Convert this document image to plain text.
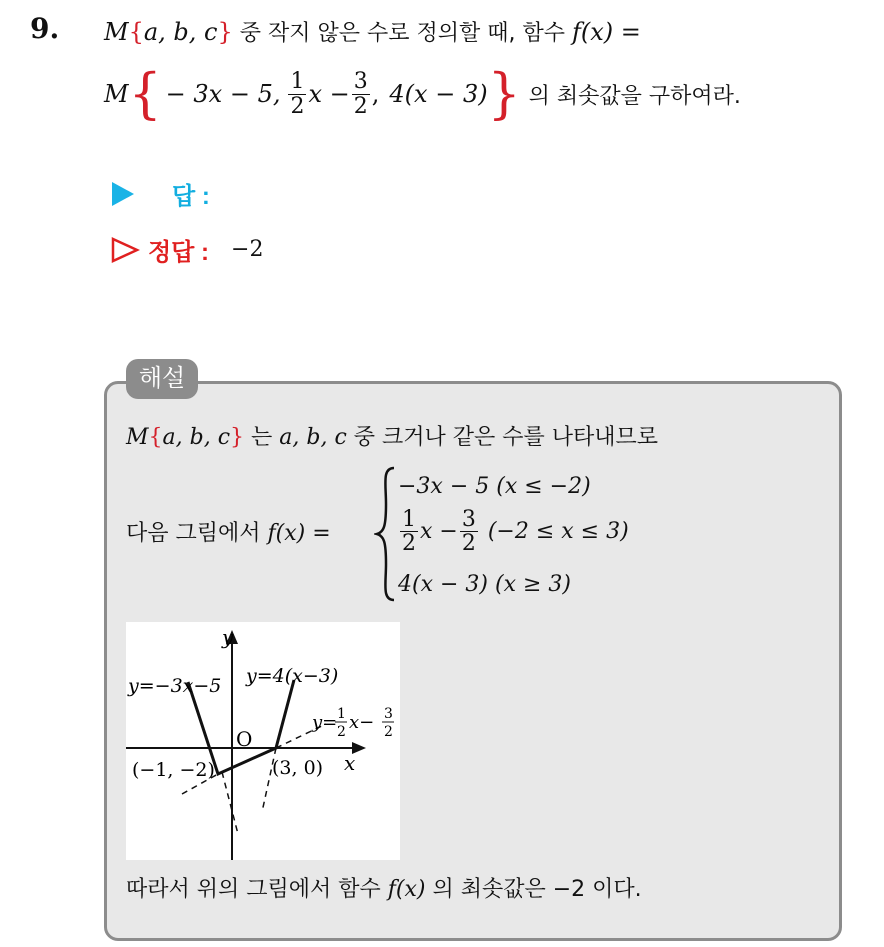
9. M{a, b, c} 중 작지 않은 수로 정의할 때, 함수 f(x) =
M { − 3x − 5, $\frac{1}{2}$ $x - \frac{3}{2}$ , 4(x − 3) } 의 최솟값을 구하여라.
답 :
정답 : −2
해설
M{a, b, c} 는 a, b, c 중 크거나 같은 수를 나타내므로
다음 그림에서 f(x) =
−3x − 5 (x ≤ −2)
$\frac{1}{2}$ $x - \frac{3}{2} (-2 \le x \le 3)$
4(x − 3) (x ≥ 3)
y
x
O
y=−3x−5 y=4(x−3)
y= 1
2 x− 3
2
(−1, −2)	(3, 0)
따라서 위의 그림에서 함수 f(x) 의 최솟값은 −2 이다.
